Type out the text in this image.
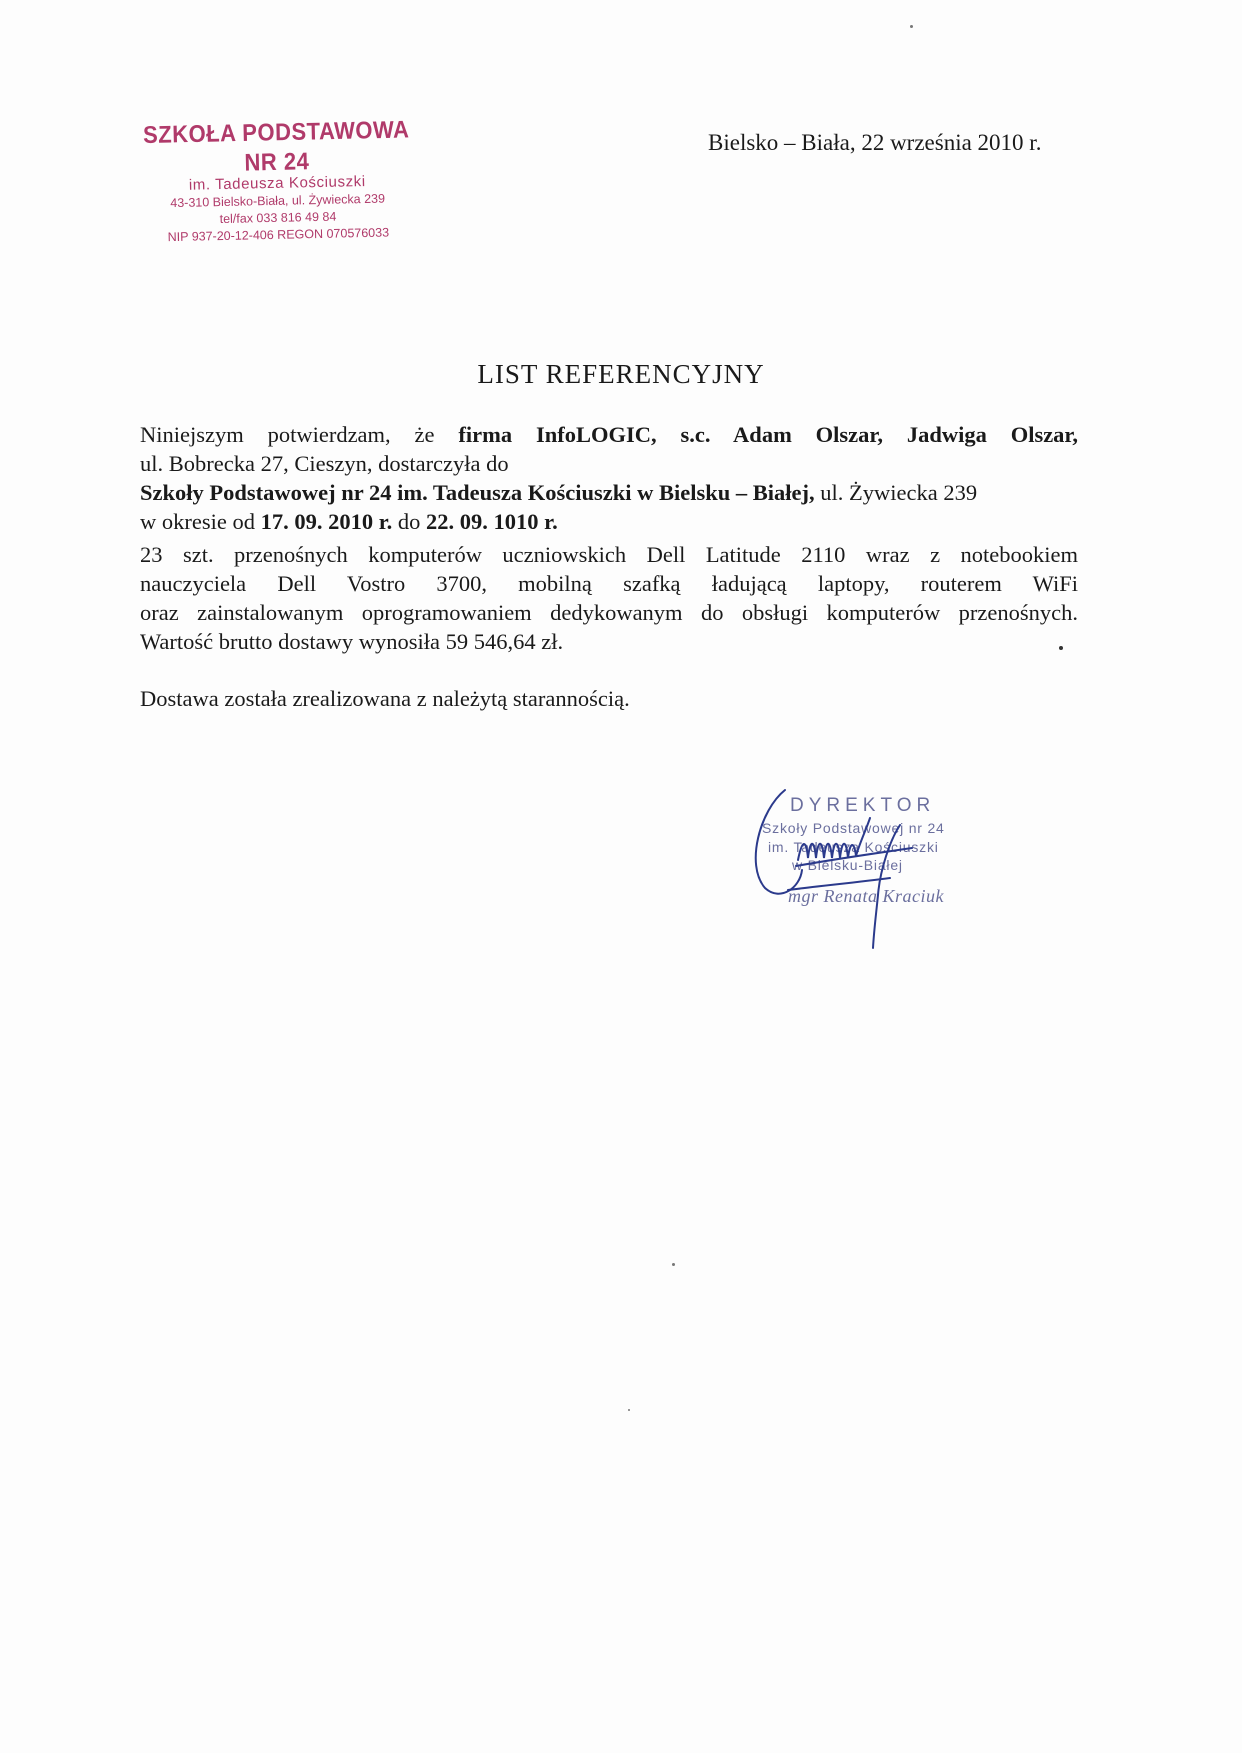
SZKOŁA PODSTAWOWA NR 24
im. Tadeusza Kościuszki
43-310 Bielsko-Biała, ul. Żywiecka 239
tel/fax 033 816 49 84
NIP 937-20-12-406 REGON 070576033
Bielsko – Biała, 22 września 2010 r.
LIST REFERENCYJNY

Niniejszym potwierdzam, że firma InfoLOGIC, s.c. Adam Olszar, Jadwiga Olszar,

ul. Bobrecka 27, Cieszyn, dostarczyła do

Szkoły Podstawowej nr 24 im. Tadeusza Kościuszki w Bielsku – Białej, ul. Żywiecka 239

w okresie od 17. 09. 2010 r. do 22. 09. 1010 r.

23 szt. przenośnych komputerów uczniowskich Dell Latitude 2110 wraz z notebookiem

nauczyciela Dell Vostro 3700, mobilną szafką ładującą laptopy, routerem WiFi

oraz zainstalowanym oprogramowaniem dedykowanym do obsługi komputerów przenośnych.

Wartość brutto dostawy wynosiła 59 546,64 zł.

Dostawa została zrealizowana z należytą starannością.

DYREKTOR
Szkoły Podstawowej nr 24
im. Tadeusza Kościuszki
w Bielsku-Białej
mgr Renata Kraciuk
